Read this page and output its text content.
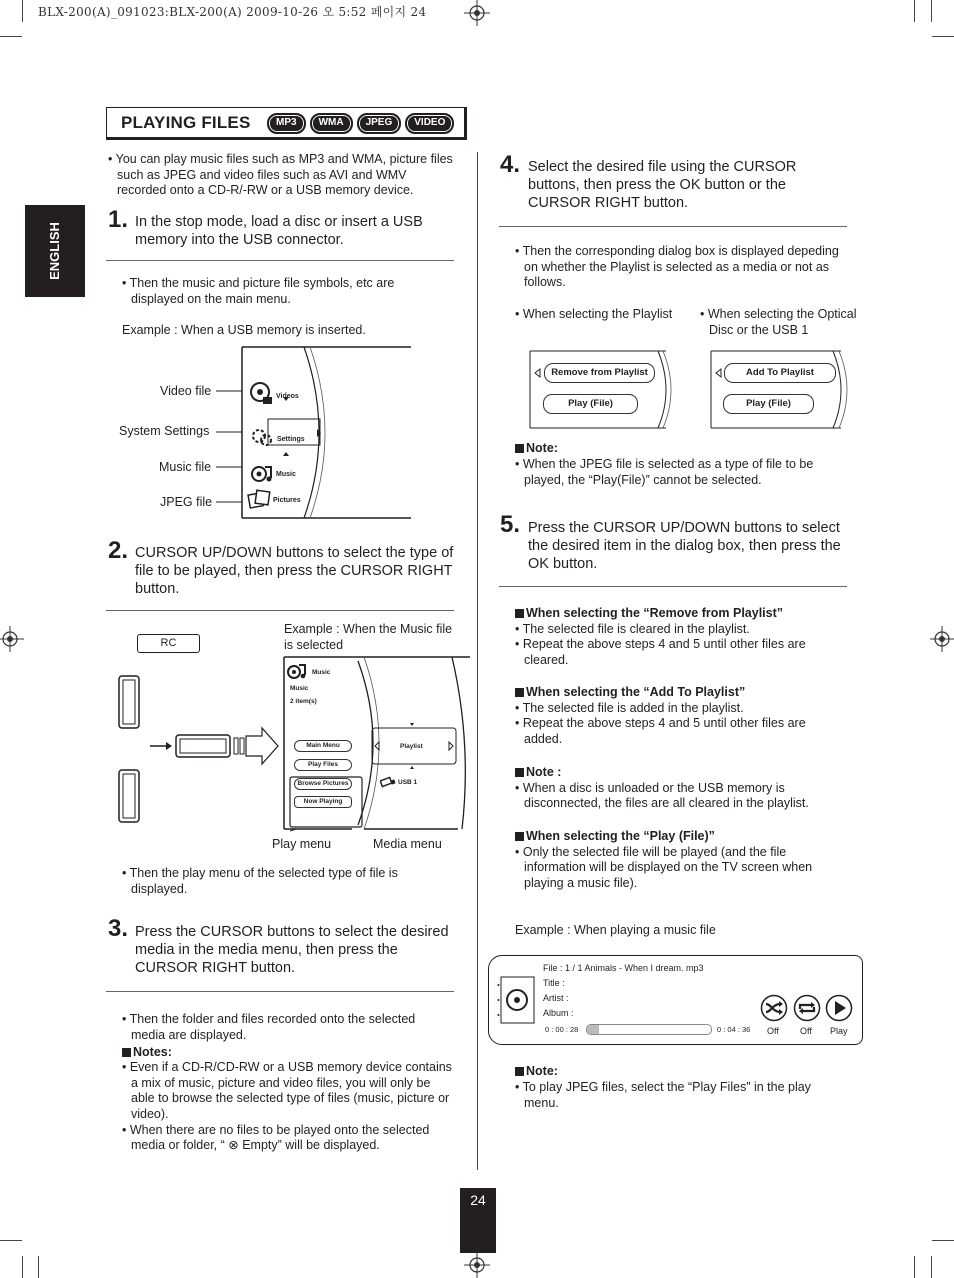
BLX-200(A)_091023:BLX-200(A) 2009-10-26 오 5:52 페이지 24
ENGLISH
PLAYING FILES	MP3 WMA JPEG VIDEO
• You can play music files such as MP3 and WMA, picture files such as JPEG and video files such as AVI and WMV recorded onto a CD-R/-RW or a USB memory device.
1. In the stop mode, load a disc or insert a USB memory into the USB connector.
• Then the music and picture file symbols, etc are displayed on the main menu.
Example : When a USB memory is inserted.
Video file
System Settings
Music file
JPEG file
Videos
Settings
Music
Pictures
2. CURSOR UP/DOWN buttons to select the type of file to be played, then press the CURSOR RIGHT button.
RC
Example : When the Music file is selected
Music
Music
2 item(s)
Main Menu
Play Files
Browse Pictures
Now Playing
Playlist
USB 1
Play menu	Media menu
• Then the play menu of the selected type of file is displayed.
3. Press the CURSOR buttons to select the desired media in the media menu, then press the CURSOR RIGHT button.
• Then the folder and files recorded onto the selected media are displayed.
Notes:
• Even if a CD-R/CD-RW or a USB memory device contains a mix of music, picture and video files, you will only be able to browse the selected type of files (music, picture or video).
• When there are no files to be played onto the selected media or folder, “ ⊗ Empty” will be displayed.
4. Select the desired file using the CURSOR buttons, then press the OK button or the CURSOR RIGHT button.
• Then the corresponding dialog box is displayed depeding on whether the Playlist is selected as a media or not as follows.
• When selecting the Playlist • When selecting the Optical Disc or the USB 1
Remove from Playlist
Play (File)
Add To Playlist
Play (File)
Note:
• When the JPEG file is selected as a type of file to be played, the “Play(File)” cannot be selected.
5. Press the CURSOR UP/DOWN buttons to select the desired item in the dialog box, then press the OK button.
When selecting the “Remove from Playlist”
• The selected file is cleared in the playlist.
• Repeat the above steps 4 and 5 until other files are cleared.
When selecting the “Add To Playlist”
• The selected file is added in the playlist.
• Repeat the above steps 4 and 5 until other files are added.
Note :
• When a disc is unloaded or the USB memory is disconnected, the files are all cleared in the playlist.
When selecting the “Play (File)”
• Only the selected file will be played (and the file information will be displayed on the TV screen when playing a music file).
Example : When playing a music file
File : 1 / 1 Animals - When I dream. mp3
Title :
Artist :
Album :
0 : 00 : 28	0 : 04 : 36 Off Off Play
Note:
• To play JPEG files, select the “Play Files” in the play menu.
24
